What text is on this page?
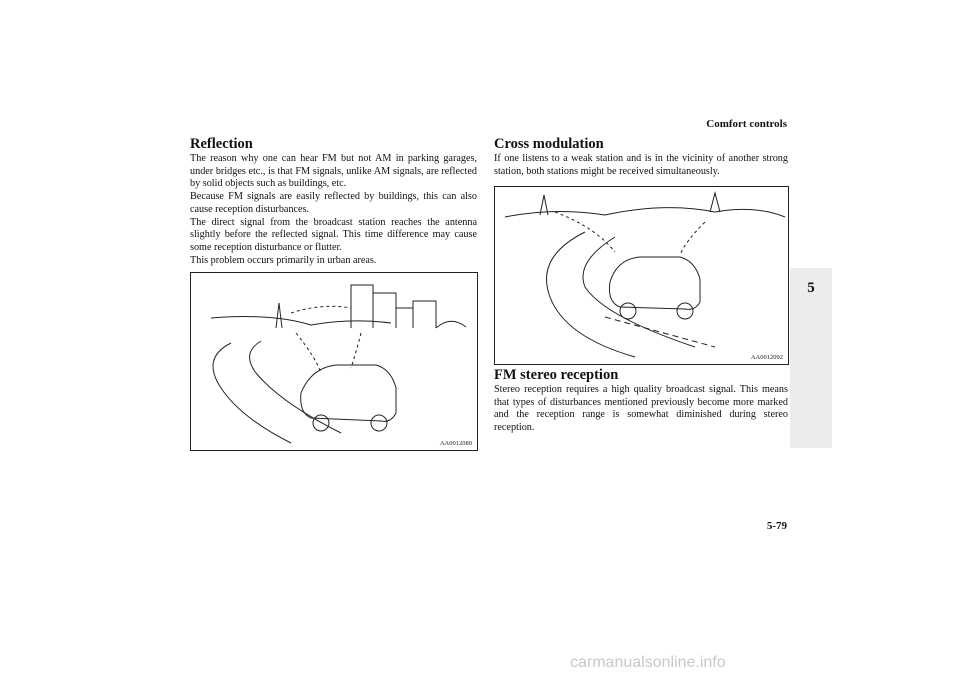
Comfort controls
5
Reflection

The reason why one can hear FM but not AM in parking garages, under bridges etc., is that FM signals, unlike AM signals, are reflected by solid objects such as buildings, etc.

Because FM signals are easily reflected by buildings, this can also cause reception disturbances.

The direct signal from the broadcast station reaches the antenna slightly before the reflected signal. This time difference may cause some reception disturbance or flutter.

This problem occurs primarily in urban areas.

AA0012089
Cross modulation

If one listens to a weak station and is in the vicinity of another strong station, both stations might be received simultaneously.

AA0012092
FM stereo reception

Stereo reception requires a high quality broadcast signal. This means that types of disturbances mentioned previously become more marked and the reception range is somewhat diminished during stereo reception.

5-79
carmanualsonline.info
